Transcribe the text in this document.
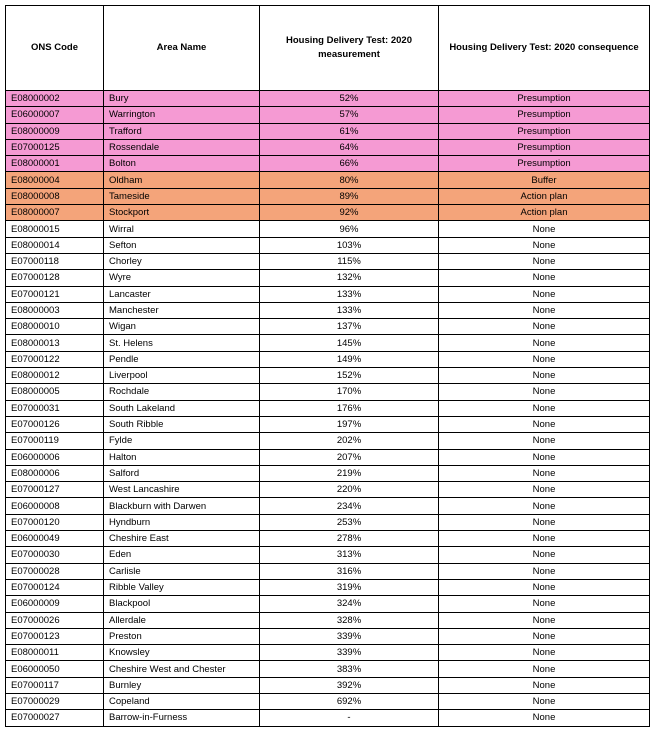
ONS Code	Area Name	Housing Delivery Test: 2020 measurement	Housing Delivery Test: 2020 consequence
E08000002	Bury	52%	Presumption
E06000007	Warrington	57%	Presumption
E08000009	Trafford	61%	Presumption
E07000125	Rossendale	64%	Presumption
E08000001	Bolton	66%	Presumption
E08000004	Oldham	80%	Buffer
E08000008	Tameside	89%	Action plan
E08000007	Stockport	92%	Action plan
E08000015	Wirral	96%	None
E08000014	Sefton	103%	None
E07000118	Chorley	115%	None
E07000128	Wyre	132%	None
E07000121	Lancaster	133%	None
E08000003	Manchester	133%	None
E08000010	Wigan	137%	None
E08000013	St. Helens	145%	None
E07000122	Pendle	149%	None
E08000012	Liverpool	152%	None
E08000005	Rochdale	170%	None
E07000031	South Lakeland	176%	None
E07000126	South Ribble	197%	None
E07000119	Fylde	202%	None
E06000006	Halton	207%	None
E08000006	Salford	219%	None
E07000127	West Lancashire	220%	None
E06000008	Blackburn with Darwen	234%	None
E07000120	Hyndburn	253%	None
E06000049	Cheshire East	278%	None
E07000030	Eden	313%	None
E07000028	Carlisle	316%	None
E07000124	Ribble Valley	319%	None
E06000009	Blackpool	324%	None
E07000026	Allerdale	328%	None
E07000123	Preston	339%	None
E08000011	Knowsley	339%	None
E06000050	Cheshire West and Chester	383%	None
E07000117	Burnley	392%	None
E07000029	Copeland	692%	None
E07000027	Barrow-in-Furness	-	None
